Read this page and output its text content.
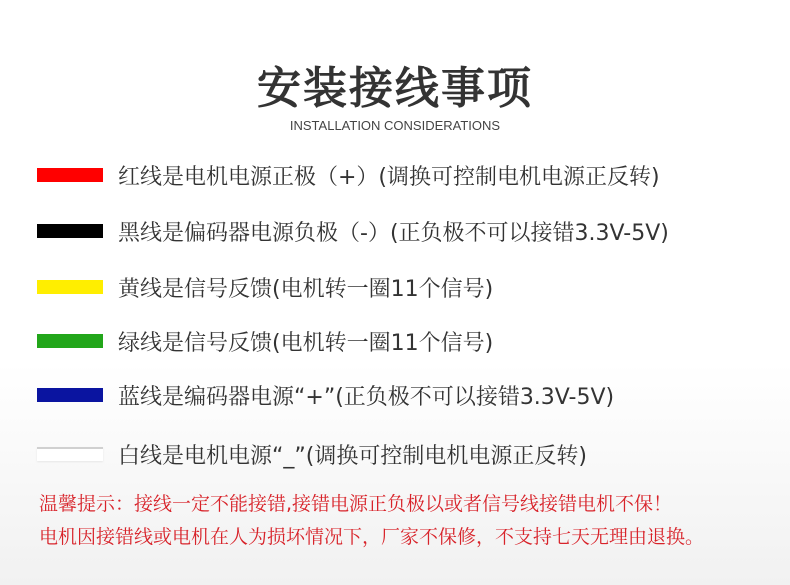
安装接线事项
INSTALLATION CONSIDERATIONS
红线是电机电源正极（+）(调换可控制电机电源正反转)
黑线是偏码器电源负极（-）(正负极不可以接错3.3V-5V)
黄线是信号反馈(电机转一圈11个信号)
绿线是信号反馈(电机转一圈11个信号)
蓝线是编码器电源“+”(正负极不可以接错3.3V-5V)
白线是电机电源“_”(调换可控制电机电源正反转)
温馨提示：接线一定不能接错,接错电源正负极以或者信号线接错电机不保！
电机因接错线或电机在人为损坏情况下，厂家不保修，不支持七天无理由退换。
